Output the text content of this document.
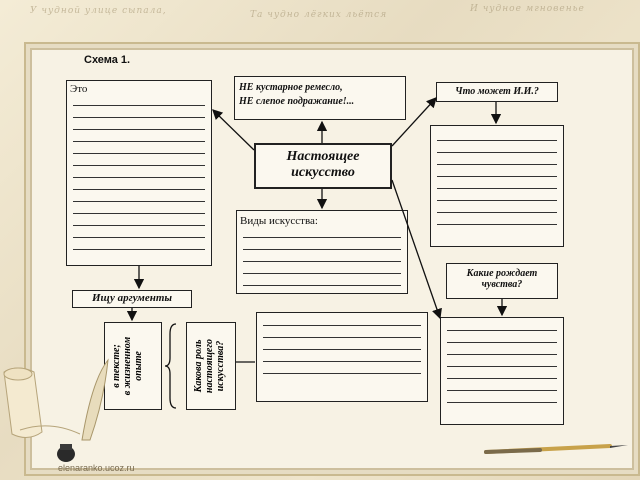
У чудной улице сыпала,	Та чудно лёгких льётся
И чудное мгновенье
Схема 1.
Это	НЕ кустарное ремесло,
НЕ слепое подражание!...
Что может И.И.?
Настоящее
искусство
Виды искусства:
Какие рождает
чувства?
Ищу аргументы
в тексте; в жизненном опыте	Какова роль настоящего искусства?
elenaranko.ucoz.ru
